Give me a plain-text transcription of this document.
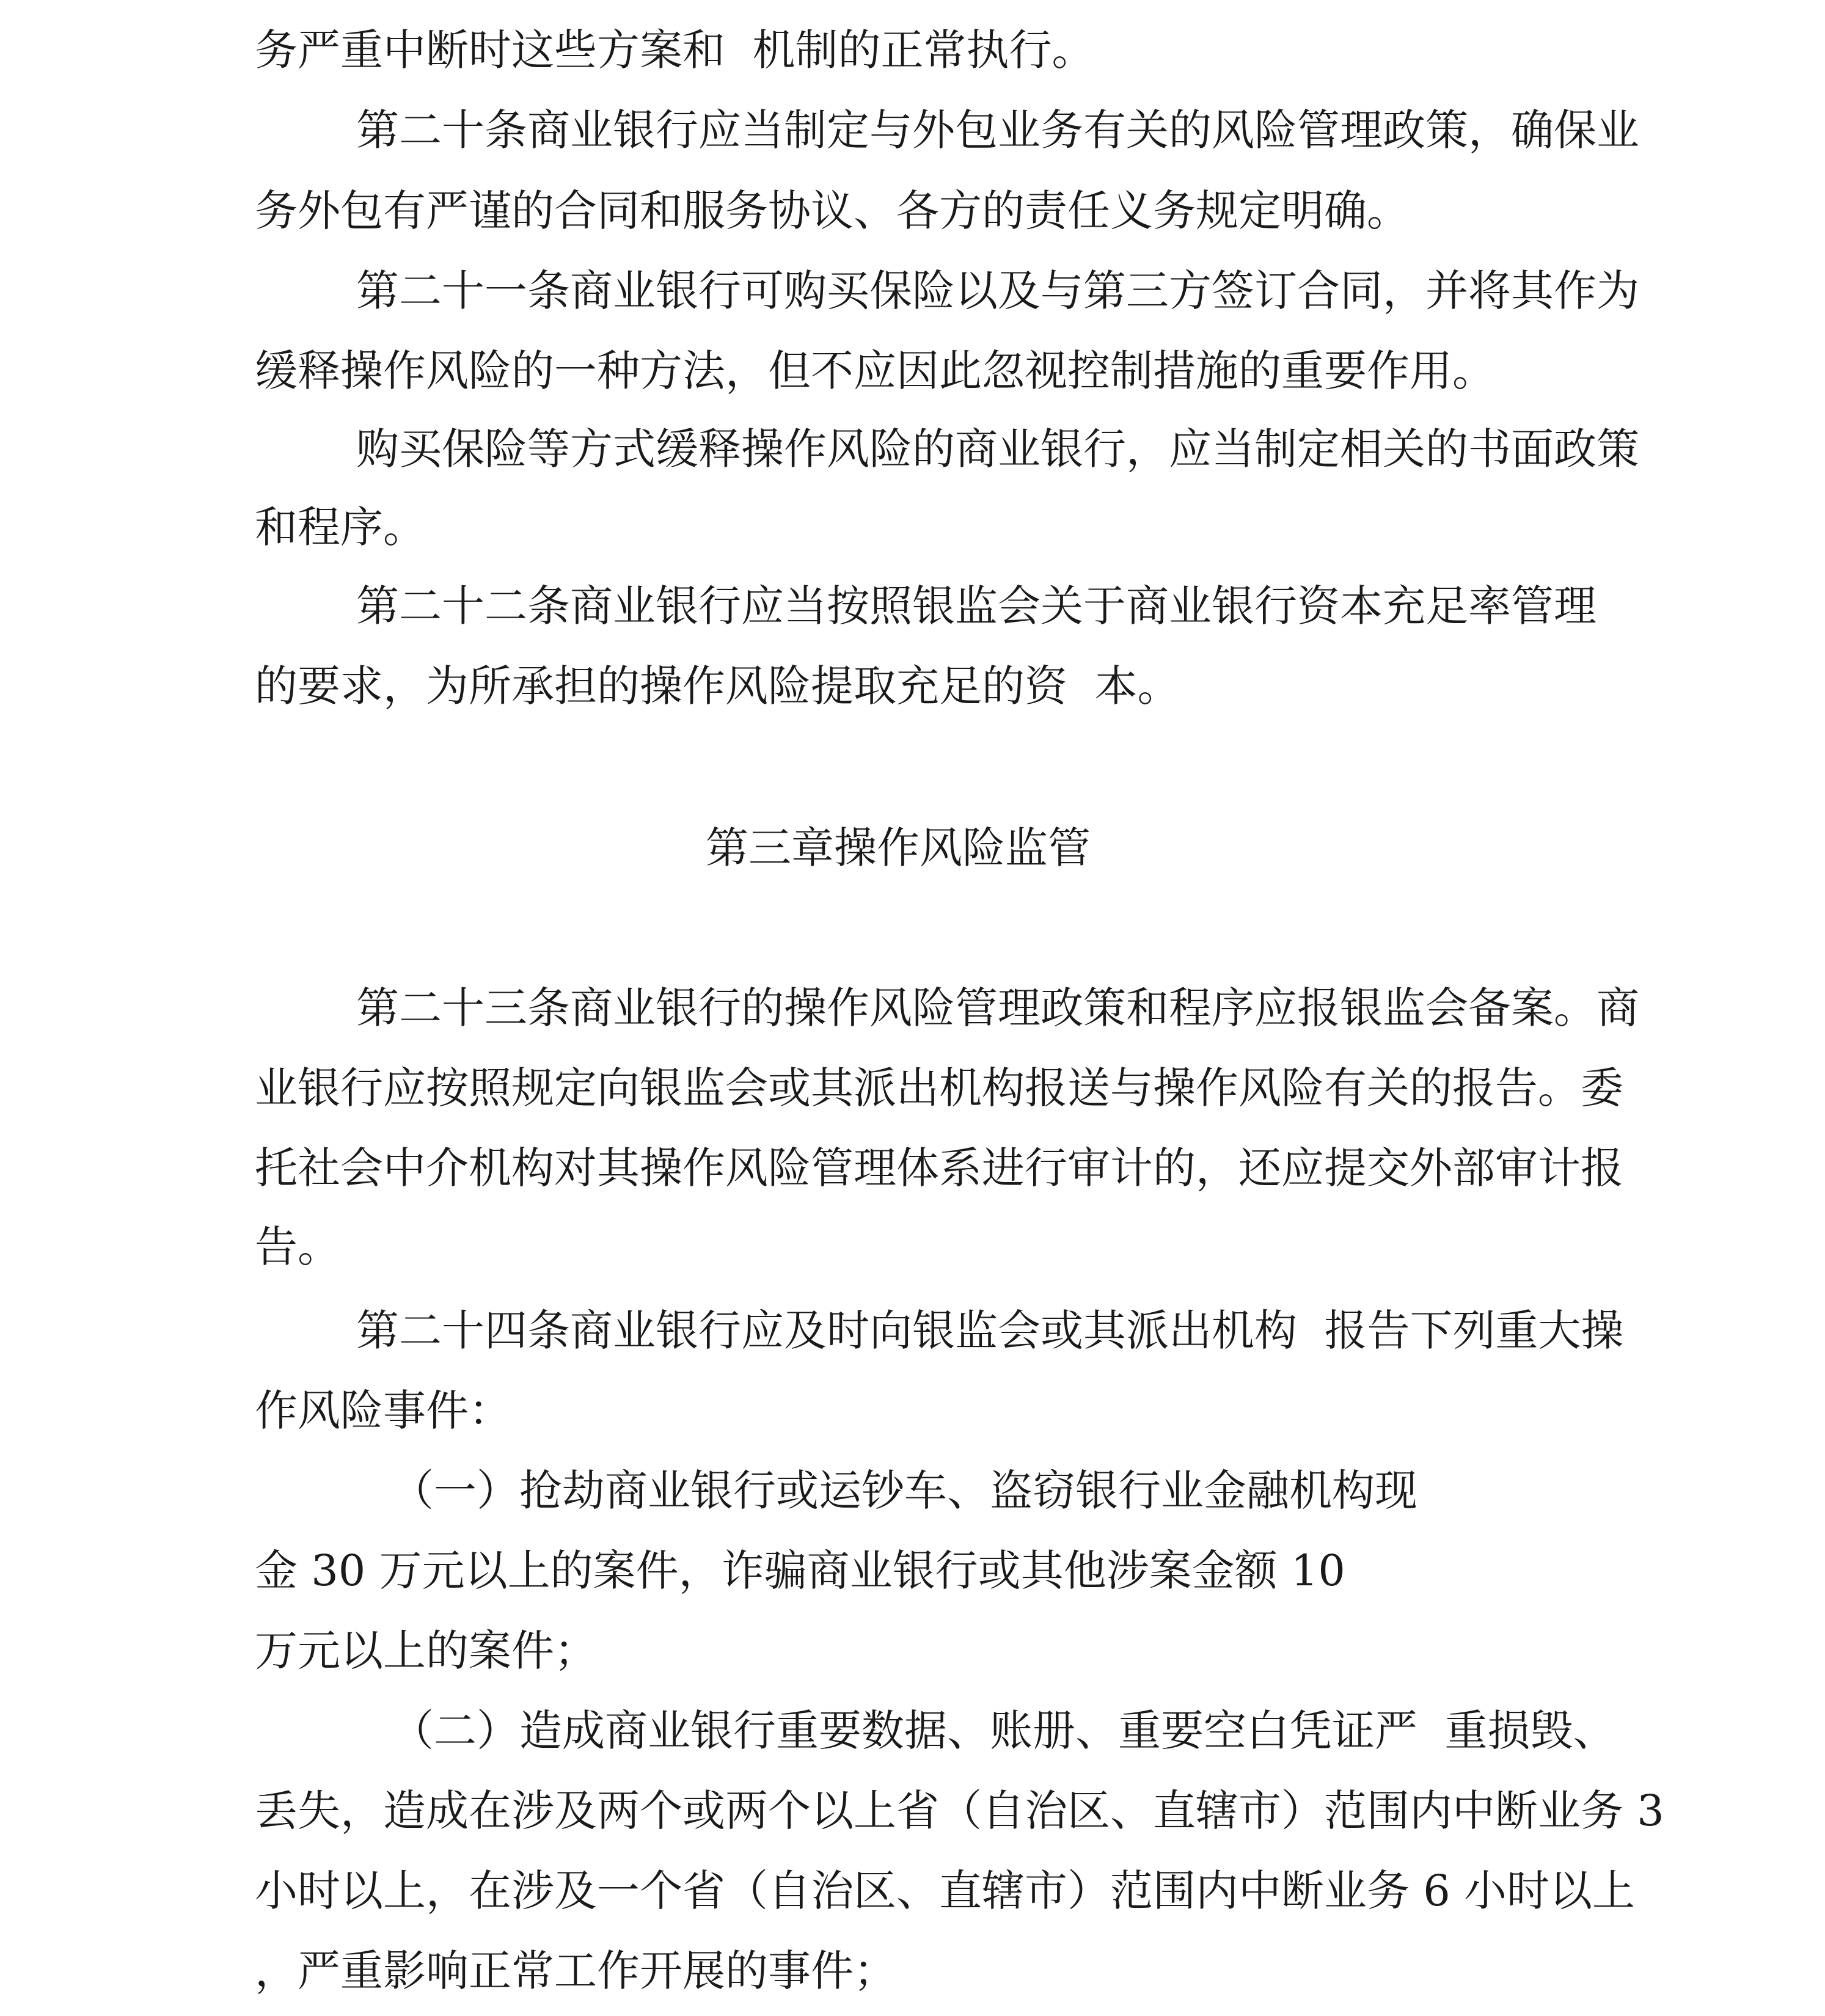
务严重中断时这些方案和  机制的正常执行。
第二十条商业银行应当制定与外包业务有关的风险管理政策，确保业
务外包有严谨的合同和服务协议、各方的责任义务规定明确。
第二十一条商业银行可购买保险以及与第三方签订合同，并将其作为
缓释操作风险的一种方法，但不应因此忽视控制措施的重要作用。
购买保险等方式缓释操作风险的商业银行，应当制定相关的书面政策
和程序。
第二十二条商业银行应当按照银监会关于商业银行资本充足率管理
的要求，为所承担的操作风险提取充足的资  本。
第三章操作风险监管
第二十三条商业银行的操作风险管理政策和程序应报银监会备案。商
业银行应按照规定向银监会或其派出机构报送与操作风险有关的报告。委
托社会中介机构对其操作风险管理体系进行审计的，还应提交外部审计报
告。
第二十四条商业银行应及时向银监会或其派出机构  报告下列重大操
作风险事件：
（一）抢劫商业银行或运钞车、盗窃银行业金融机构现
金 30 万元以上的案件，诈骗商业银行或其他涉案金额 10
万元以上的案件；
（二）造成商业银行重要数据、账册、重要空白凭证严  重损毁、
丢失，造成在涉及两个或两个以上省（自治区、直辖市）范围内中断业务 3
小时以上，在涉及一个省（自治区、直辖市）范围内中断业务 6 小时以上
，严重影响正常工作开展的事件；
